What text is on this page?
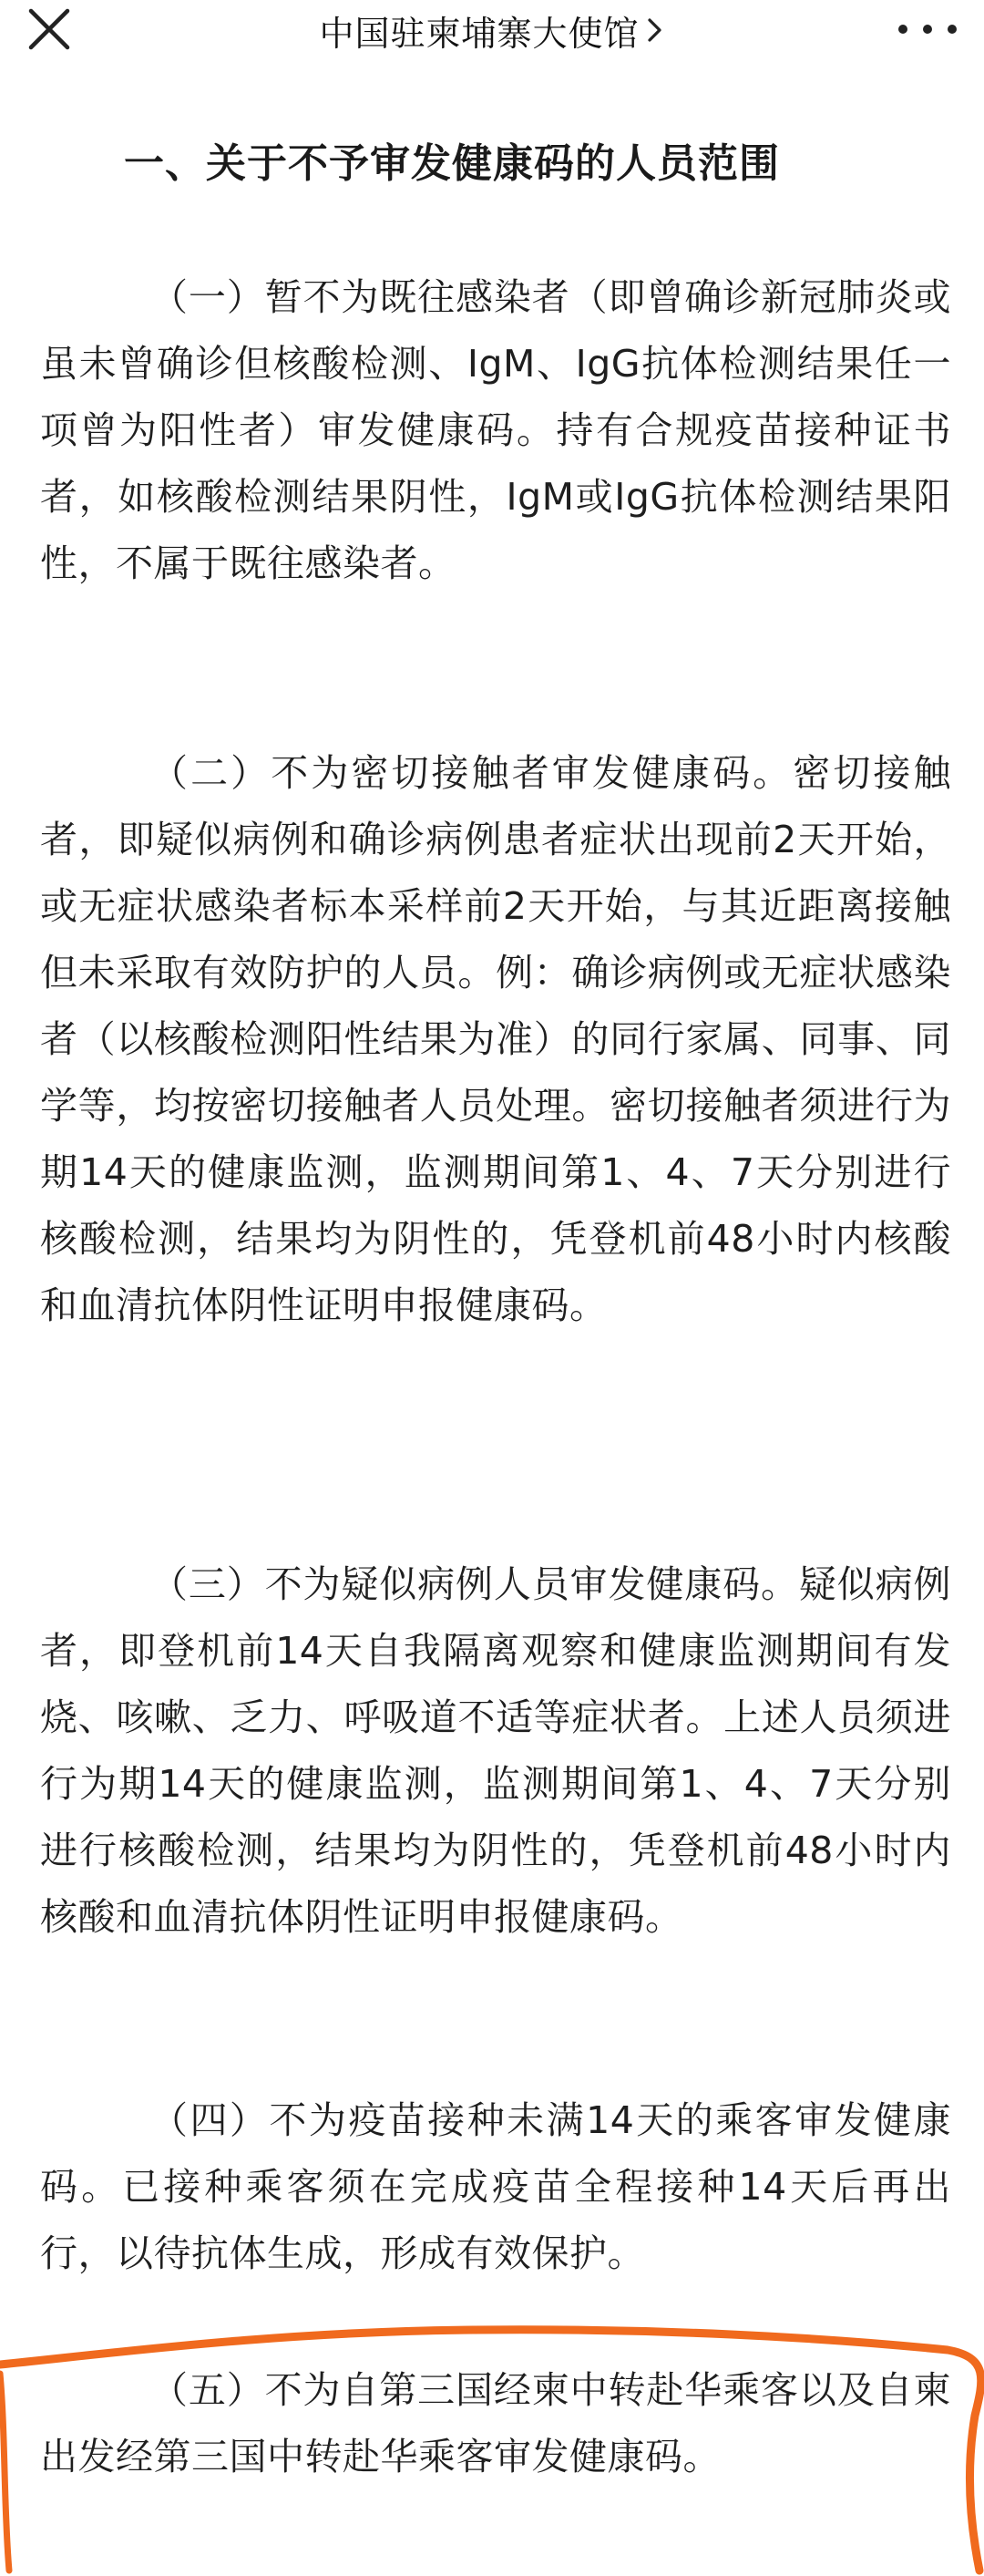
中国驻柬埔寨大使馆
一、关于不予审发健康码的人员范围

（一）暂不为既往感染者（即曾确诊新冠肺炎或虽未曾确诊但核酸检测、IgM、IgG抗体检测结果任一项曾为阳性者）审发健康码。持有合规疫苗接种证书者，如核酸检测结果阴性，IgM或IgG抗体检测结果阳性，不属于既往感染者。

（二）不为密切接触者审发健康码。密切接触者，即疑似病例和确诊病例患者症状出现前2天开始，或无症状感染者标本采样前2天开始，与其近距离接触但未采取有效防护的人员。例：确诊病例或无症状感染者（以核酸检测阳性结果为准）的同行家属、同事、同学等，均按密切接触者人员处理。密切接触者须进行为期14天的健康监测，监测期间第1、4、7天分别进行核酸检测，结果均为阴性的，凭登机前48小时内核酸和血清抗体阴性证明申报健康码。

（三）不为疑似病例人员审发健康码。疑似病例者，即登机前14天自我隔离观察和健康监测期间有发烧、咳嗽、乏力、呼吸道不适等症状者。上述人员须进行为期14天的健康监测，监测期间第1、4、7天分别进行核酸检测，结果均为阴性的，凭登机前48小时内核酸和血清抗体阴性证明申报健康码。

（四）不为疫苗接种未满14天的乘客审发健康码。已接种乘客须在完成疫苗全程接种14天后再出行，以待抗体生成，形成有效保护。

（五）不为自第三国经柬中转赴华乘客以及自柬出发经第三国中转赴华乘客审发健康码。
